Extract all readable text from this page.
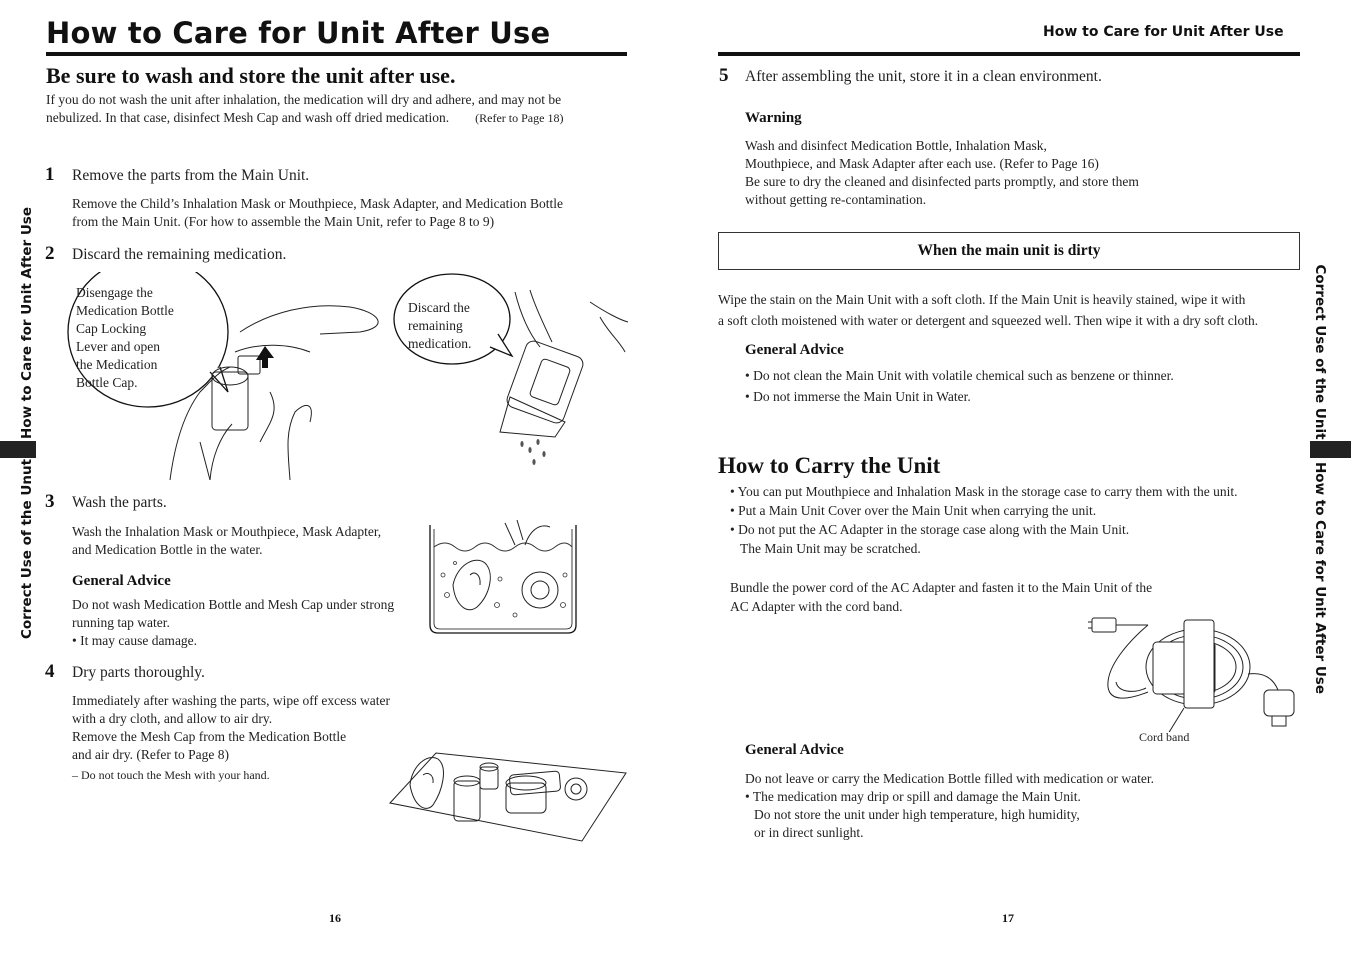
How to Care for Unit After Use
Be sure to wash and store the unit after use.
If you do not wash the unit after inhalation, the medication will dry and adhere, and may not be
nebulized. In that case, disinfect Mesh Cap and wash off dried medication. (Refer to Page 18)
1 Remove the parts from the Main Unit.
Remove the Child’s Inhalation Mask or Mouthpiece, Mask Adapter, and Medication Bottle
from the Main Unit. (For how to assemble the Main Unit, refer to Page 8 to 9)
2 Discard the remaining medication.
Disengage the
Medication Bottle
Cap Locking
Lever and open
the Medication
Bottle Cap.
Discard the
remaining
medication.
3 Wash the parts.
Wash the Inhalation Mask or Mouthpiece, Mask Adapter,
and Medication Bottle in the water.
General Advice
Do not wash Medication Bottle and Mesh Cap under strong
running tap water.
• It may cause damage.
4 Dry parts thoroughly.
Immediately after washing the parts, wipe off excess water
with a dry cloth, and allow to air dry.
Remove the Mesh Cap from the Medication Bottle
and air dry. (Refer to Page 8)
– Do not touch the Mesh with your hand.
How to Care for Unit After Use
Correct Use of the Unut
16
How to Care for Unit After Use
5 After assembling the unit, store it in a clean environment.
Warning
Wash and disinfect Medication Bottle, Inhalation Mask,
Mouthpiece, and Mask Adapter after each use. (Refer to Page 16)
Be sure to dry the cleaned and disinfected parts promptly, and store them
without getting re-contamination.
When the main unit is dirty
Wipe the stain on the Main Unit with a soft cloth. If the Main Unit is heavily stained, wipe it with
a soft cloth moistened with water or detergent and squeezed well. Then wipe it with a dry soft cloth.
General Advice
• Do not clean the Main Unit with volatile chemical such as benzene or thinner.
• Do not immerse the Main Unit in Water.
How to Carry the Unit
• You can put Mouthpiece and Inhalation Mask in the storage case to carry them with the unit.
• Put a Main Unit Cover over the Main Unit when carrying the unit.
• Do not put the AC Adapter in the storage case along with the Main Unit.
The Main Unit may be scratched.
Bundle the power cord of the AC Adapter and fasten it to the Main Unit of the
AC Adapter with the cord band.
Cord band
General Advice
Do not leave or carry the Medication Bottle filled with medication or water.
• The medication may drip or spill and damage the Main Unit.
Do not store the unit under high temperature, high humidity,
or in direct sunlight.
Correct Use of the Unit
How to Care for Unit After Use
17
